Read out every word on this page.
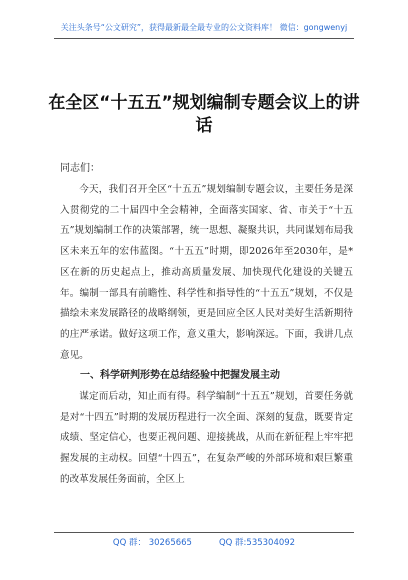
关注头条号“公文研究”，获得最新最全最专业的公文资料库！ 微信：gongwenyj
在全区“十五五”规划编制专题会议上的讲话
同志们：

今天，我们召开全区“十五五”规划编制专题会议，主要任务是深入贯彻党的二十届四中全会精神，全面落实国家、省、市关于“十五五”规划编制工作的决策部署，统一思想、凝聚共识，共同谋划布局我区未来五年的宏伟蓝图。“十五五”时期，即2026年至2030年，是*区在新的历史起点上，推动高质量发展、加快现代化建设的关键五年。编制一部具有前瞻性、科学性和指导性的“十五五”规划，不仅是描绘未来发展路径的战略纲领，更是回应全区人民对美好生活新期待的庄严承诺。做好这项工作，意义重大，影响深远。下面，我讲几点意见。

一、科学研判形势在总结经验中把握发展主动

谋定而后动，知止而有得。科学编制“十五五”规划，首要任务就是对“十四五”时期的发展历程进行一次全面、深刻的复盘，既要肯定成绩、坚定信心，也要正视问题、迎接挑战，从而在新征程上牢牢把握发展的主动权。回望“十四五”，在复杂严峻的外部环境和艰巨繁重的改革发展任务面前，全区上

QQ 群： 30265665          QQ 群:535304092
